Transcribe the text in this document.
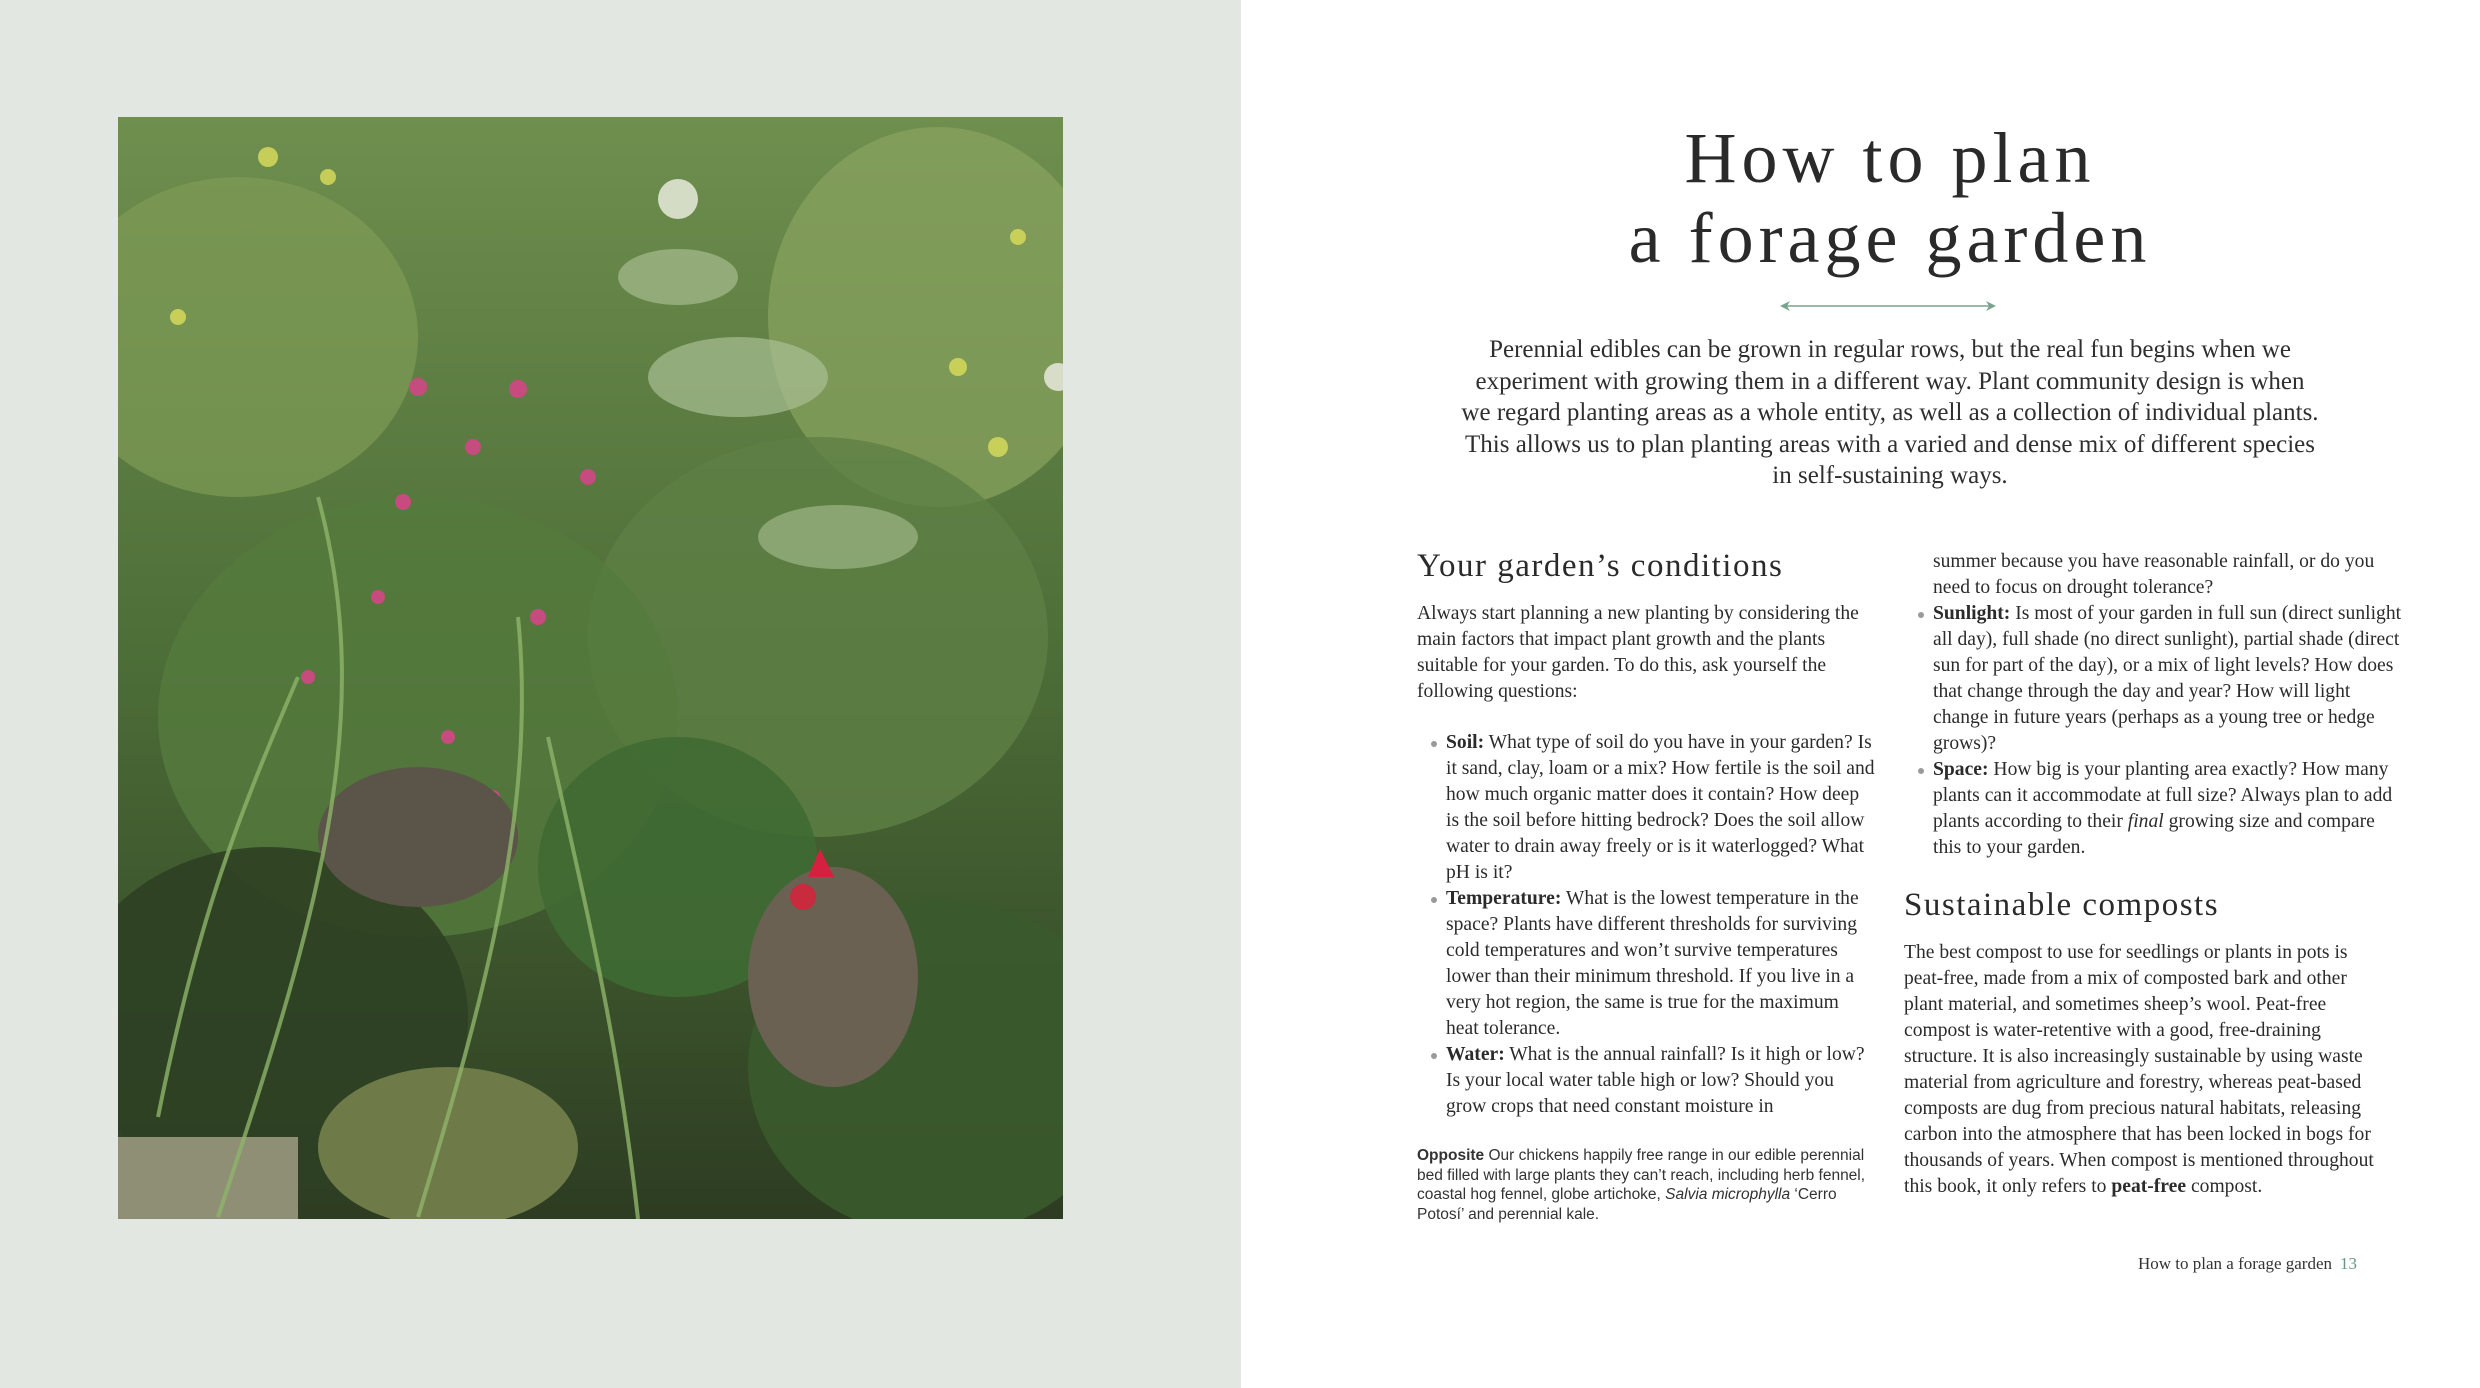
How to plan
a forage garden

Perennial edibles can be grown in regular rows, but the real fun begins when we experiment with growing them in a different way. Plant community design is when we regard planting areas as a whole entity, as well as a collection of individual plants. This allows us to plan planting areas with a varied and dense mix of different species in self-sustaining ways.

Your garden’s conditions

Always start planning a new planting by considering the main factors that impact plant growth and the plants suitable for your garden. To do this, ask yourself the following questions:

Soil: What type of soil do you have in your garden? Is it sand, clay, loam or a mix? How fertile is the soil and how much organic matter does it contain? How deep is the soil before hitting bedrock? Does the soil allow water to drain away freely or is it waterlogged? What pH is it?
Temperature: What is the lowest temperature in the space? Plants have different thresholds for surviving cold temperatures and won’t survive temperatures lower than their minimum threshold. If you live in a very hot region, the same is true for the maximum heat tolerance.
Water: What is the annual rainfall? Is it high or low? Is your local water table high or low? Should you grow crops that need constant moisture in

summer because you have reasonable rainfall, or do you need to focus on drought tolerance?

Sunlight: Is most of your garden in full sun (direct sunlight all day), full shade (no direct sunlight), partial shade (direct sun for part of the day), or a mix of light levels? How does that change through the day and year? How will light change in future years (perhaps as a young tree or hedge grows)?
Space: How big is your planting area exactly? How many plants can it accommodate at full size? Always plan to add plants according to their final growing size and compare this to your garden.
Sustainable composts

The best compost to use for seedlings or plants in pots is peat-free, made from a mix of composted bark and other plant material, and sometimes sheep’s wool. Peat-free compost is water-retentive with a good, free-draining structure. It is also increasingly sustainable by using waste material from agriculture and forestry, whereas peat-based composts are dug from precious natural habitats, releasing carbon into the atmosphere that has been locked in bogs for thousands of years. When compost is mentioned throughout this book, it only refers to peat-free compost.

Opposite Our chickens happily free range in our edible perennial bed filled with large plants they can’t reach, including herb fennel, coastal hog fennel, globe artichoke, Salvia microphylla ‘Cerro Potosí’ and perennial kale.

How to plan a forage garden 13
